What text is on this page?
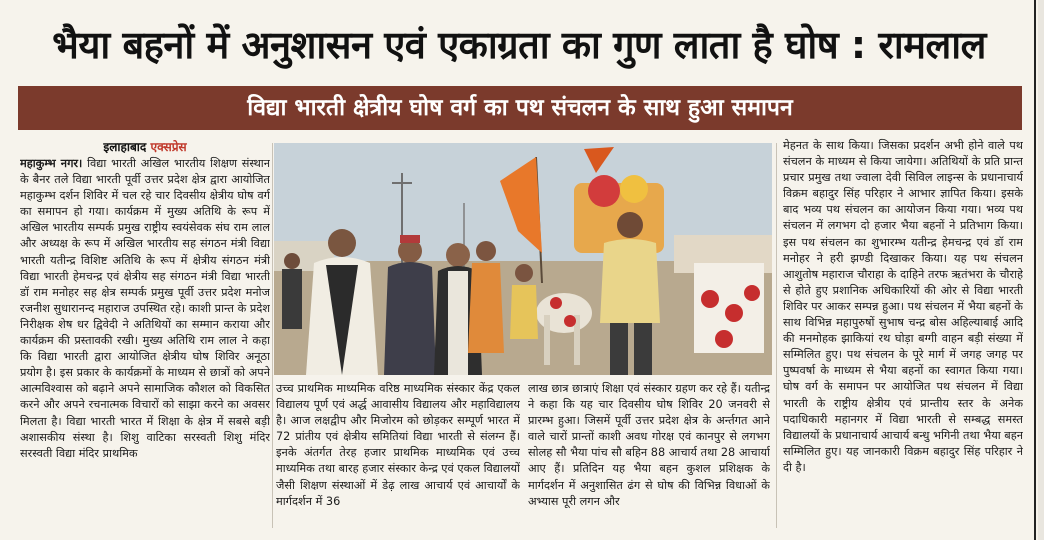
भैया बहनों में अनुशासन एवं एकाग्रता का गुण लाता है घोष : रामलाल
विद्या भारती क्षेत्रीय घोष वर्ग का पथ संचलन के साथ हुआ समापन
इलाहाबाद एक्सप्रेस
महाकुम्भ नगर। विद्या भारती अखिल भारतीय शिक्षण संस्थान के बैनर तले विद्या भारती पूर्वी उत्तर प्रदेश क्षेत्र द्वारा आयोजित महाकुम्भ दर्शन शिविर में चल रहे चार दिवसीय क्षेत्रीय घोष वर्ग का समापन हो गया। कार्यक्रम में मुख्य अतिथि के रूप में अखिल भारतीय सम्पर्क प्रमुख राष्ट्रीय स्वयंसेवक संघ राम लाल और अध्यक्ष के रूप में अखिल भारतीय सह संगठन मंत्री विद्या भारती यतीन्द्र विशिष्ट अतिथि के रूप में क्षेत्रीय संगठन मंत्री विद्या भारती हेमचन्द्र एवं क्षेत्रीय सह संगठन मंत्री विद्या भारती डॉ राम मनोहर सह क्षेत्र सम्पर्क प्रमुख पूर्वी उत्तर प्रदेश मनोज रजनीश सुधारानन्द महाराज उपस्थित रहे। काशी प्रान्त के प्रदेश निरीक्षक शेष धर द्विवेदी ने अतिथियों का सम्मान कराया और कार्यक्रम की प्रस्तावकी रखी। मुख्य अतिथि राम लाल ने कहा कि विद्या भारती द्वारा आयोजित क्षेत्रीय घोष शिविर अनूठा प्रयोग है। इस प्रकार के कार्यक्रमों के माध्यम से छात्रों को अपने आत्मविश्वास को बढ़ाने अपने सामाजिक कौशल को विकसित करने और अपने रचनात्मक विचारों को साझा करने का अवसर मिलता है। विद्या भारती भारत में शिक्षा के क्षेत्र में सबसे बड़ी अशासकीय संस्था है। शिशु वाटिका सरस्वती शिशु मंदिर सरस्वती विद्या मंदिर प्राथमिक
उच्च प्राथमिक माध्यमिक वरिष्ठ माध्यमिक संस्कार केंद्र एकल विद्यालय पूर्ण एवं अर्द्ध आवासीय विद्यालय और महाविद्यालय है। आज लक्षद्वीप और मिजोरम को छोड़कर सम्पूर्ण भारत में 72 प्रांतीय एवं क्षेत्रीय समितियां विद्या भारती से संलग्न हैं। इनके अंतर्गत तेरह हजार प्राथमिक माध्यमिक एवं उच्च माध्यमिक तथा बारह हजार संस्कार केन्द्र एवं एकल विद्यालयों जैसी शिक्षण संस्थाओं में डेढ़ लाख आचार्य एवं आचार्यों के मार्गदर्शन में 36
लाख छात्र छात्राएं शिक्षा एवं संस्कार ग्रहण कर रहे हैं। यतीन्द्र ने कहा कि यह चार दिवसीय घोष शिविर 20 जनवरी से प्रारम्भ हुआ। जिसमें पूर्वी उत्तर प्रदेश क्षेत्र के अर्न्तगत आने वाले चारों प्रान्तों काशी अवध गोरक्ष एवं कानपुर से लगभग सोलह सौ भैया पांच सौ बहिन 88 आचार्य तथा 28 आचार्या आए हैं। प्रतिदिन यह भैया बहन कुशल प्रशिक्षक के मार्गदर्शन में अनुशासित ढंग से घोष की विभिन्न विधाओं के अभ्यास पूरी लगन और
मेहनत के साथ किया। जिसका प्रदर्शन अभी होने वाले पथ संचलन के माध्यम से किया जायेगा। अतिथियों के प्रति प्रान्त प्रचार प्रमुख तथा ज्वाला देवी सिविल लाइन्स के प्रधानाचार्य विक्रम बहादुर सिंह परिहार ने आभार ज्ञापित किया। इसके बाद भव्य पथ संचलन का आयोजन किया गया। भव्य पथ संचलन में लगभग दो हजार भैया बहनों ने प्रतिभाग किया। इस पथ संचलन का शुभारम्भ यतीन्द्र हेमचन्द्र एवं डॉ राम मनोहर ने हरी झण्डी दिखाकर किया। यह पथ संचलन आशुतोष महाराज चौराहा के दाहिने तरफ ऋतंभरा के चौराहे से होते हुए प्रशानिक अधिकारियों की ओर से विद्या भारती शिविर पर आकर सम्पन्न हुआ। पथ संचलन में भैया बहनों के साथ विभिन्न महापुरुषों सुभाष चन्द्र बोस अहिल्याबाई आदि की मनमोहक झाकियां रथ घोड़ा बग्गी वाहन बड़ी संख्या में सम्मिलित हुए। पथ संचलन के पूरे मार्ग में जगह जगह पर पुष्पवर्षा के माध्यम से भैया बहनों का स्वागत किया गया। घोष वर्ग के समापन पर आयोजित पथ संचलन में विद्या भारती के राष्ट्रीय क्षेत्रीय एवं प्रान्तीय स्तर के अनेक पदाधिकारी महानगर में विद्या भारती से सम्बद्ध समस्त विद्यालयों के प्रधानाचार्य आचार्य बन्धु भगिनी तथा भैया बहन सम्मिलित हुए। यह जानकारी विक्रम बहादुर सिंह परिहार ने दी है।
